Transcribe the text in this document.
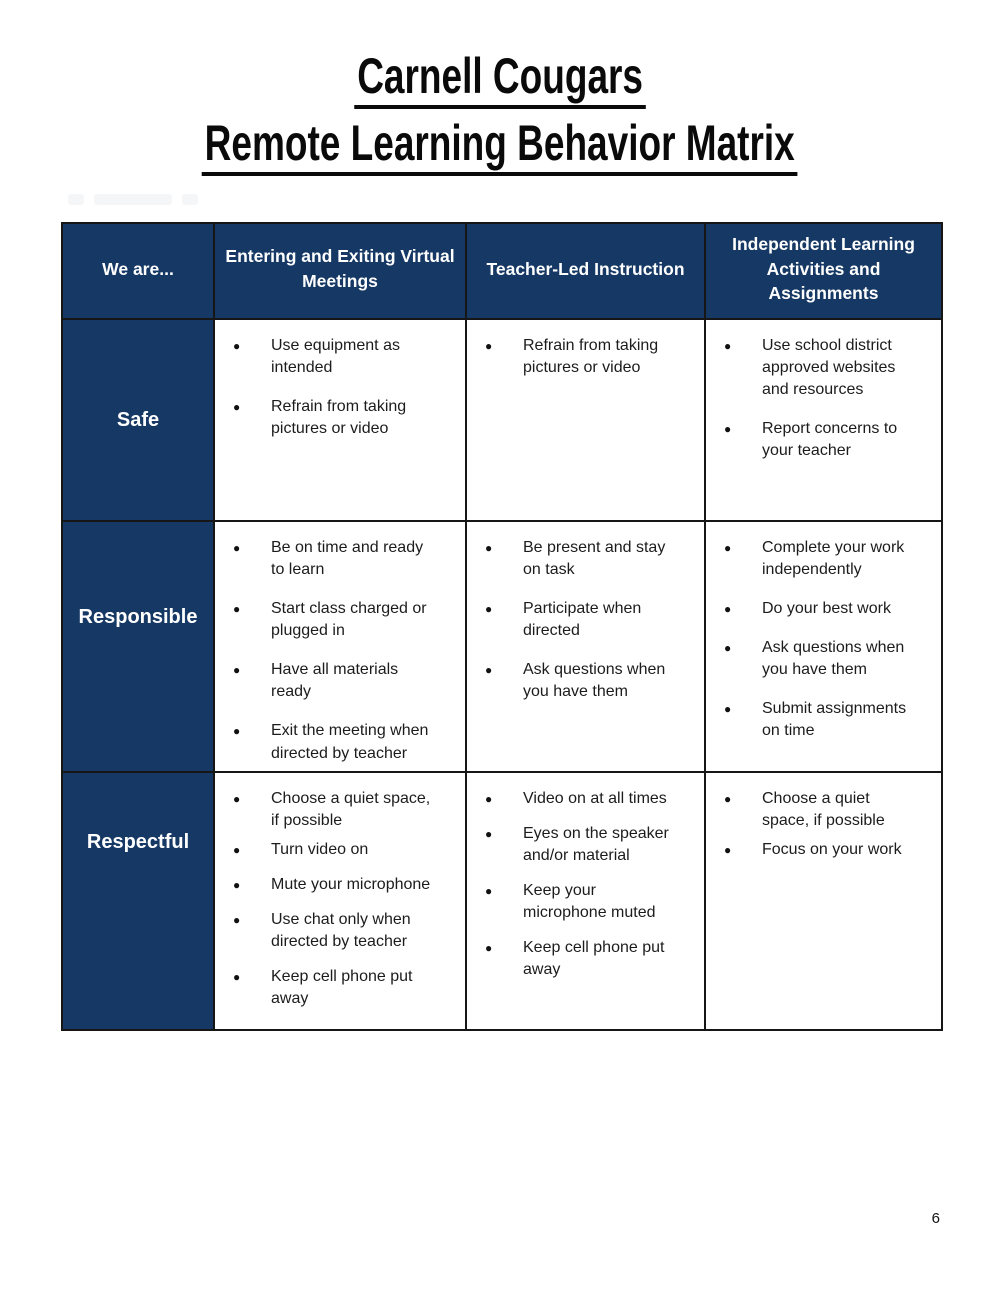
Carnell Cougars
Remote Learning Behavior Matrix
We are...	Entering and Exiting Virtual Meetings	Teacher-Led Instruction	Independent Learning Activities and Assignments
Safe	
● Use equipment as intended
● Refrain from taking pictures or video

● Refrain from taking pictures or video

● Use school district approved websites and resources
● Report concerns to your teacher

Responsible	
● Be on time and ready to learn
● Start class charged or plugged in
● Have all materials ready
● Exit the meeting when directed by teacher

● Be present and stay on task
● Participate when directed
● Ask questions when you have them

● Complete your work independently
● Do your best work
● Ask questions when you have them
● Submit assignments on time

Respectful	
● Choose a quiet space, if possible
● Turn video on
● Mute your microphone
● Use chat only when directed by teacher
● Keep cell phone put away

● Video on at all times
● Eyes on the speaker and/or material
● Keep your microphone muted
● Keep cell phone put away

● Choose a quiet space, if possible
● Focus on your work
6
